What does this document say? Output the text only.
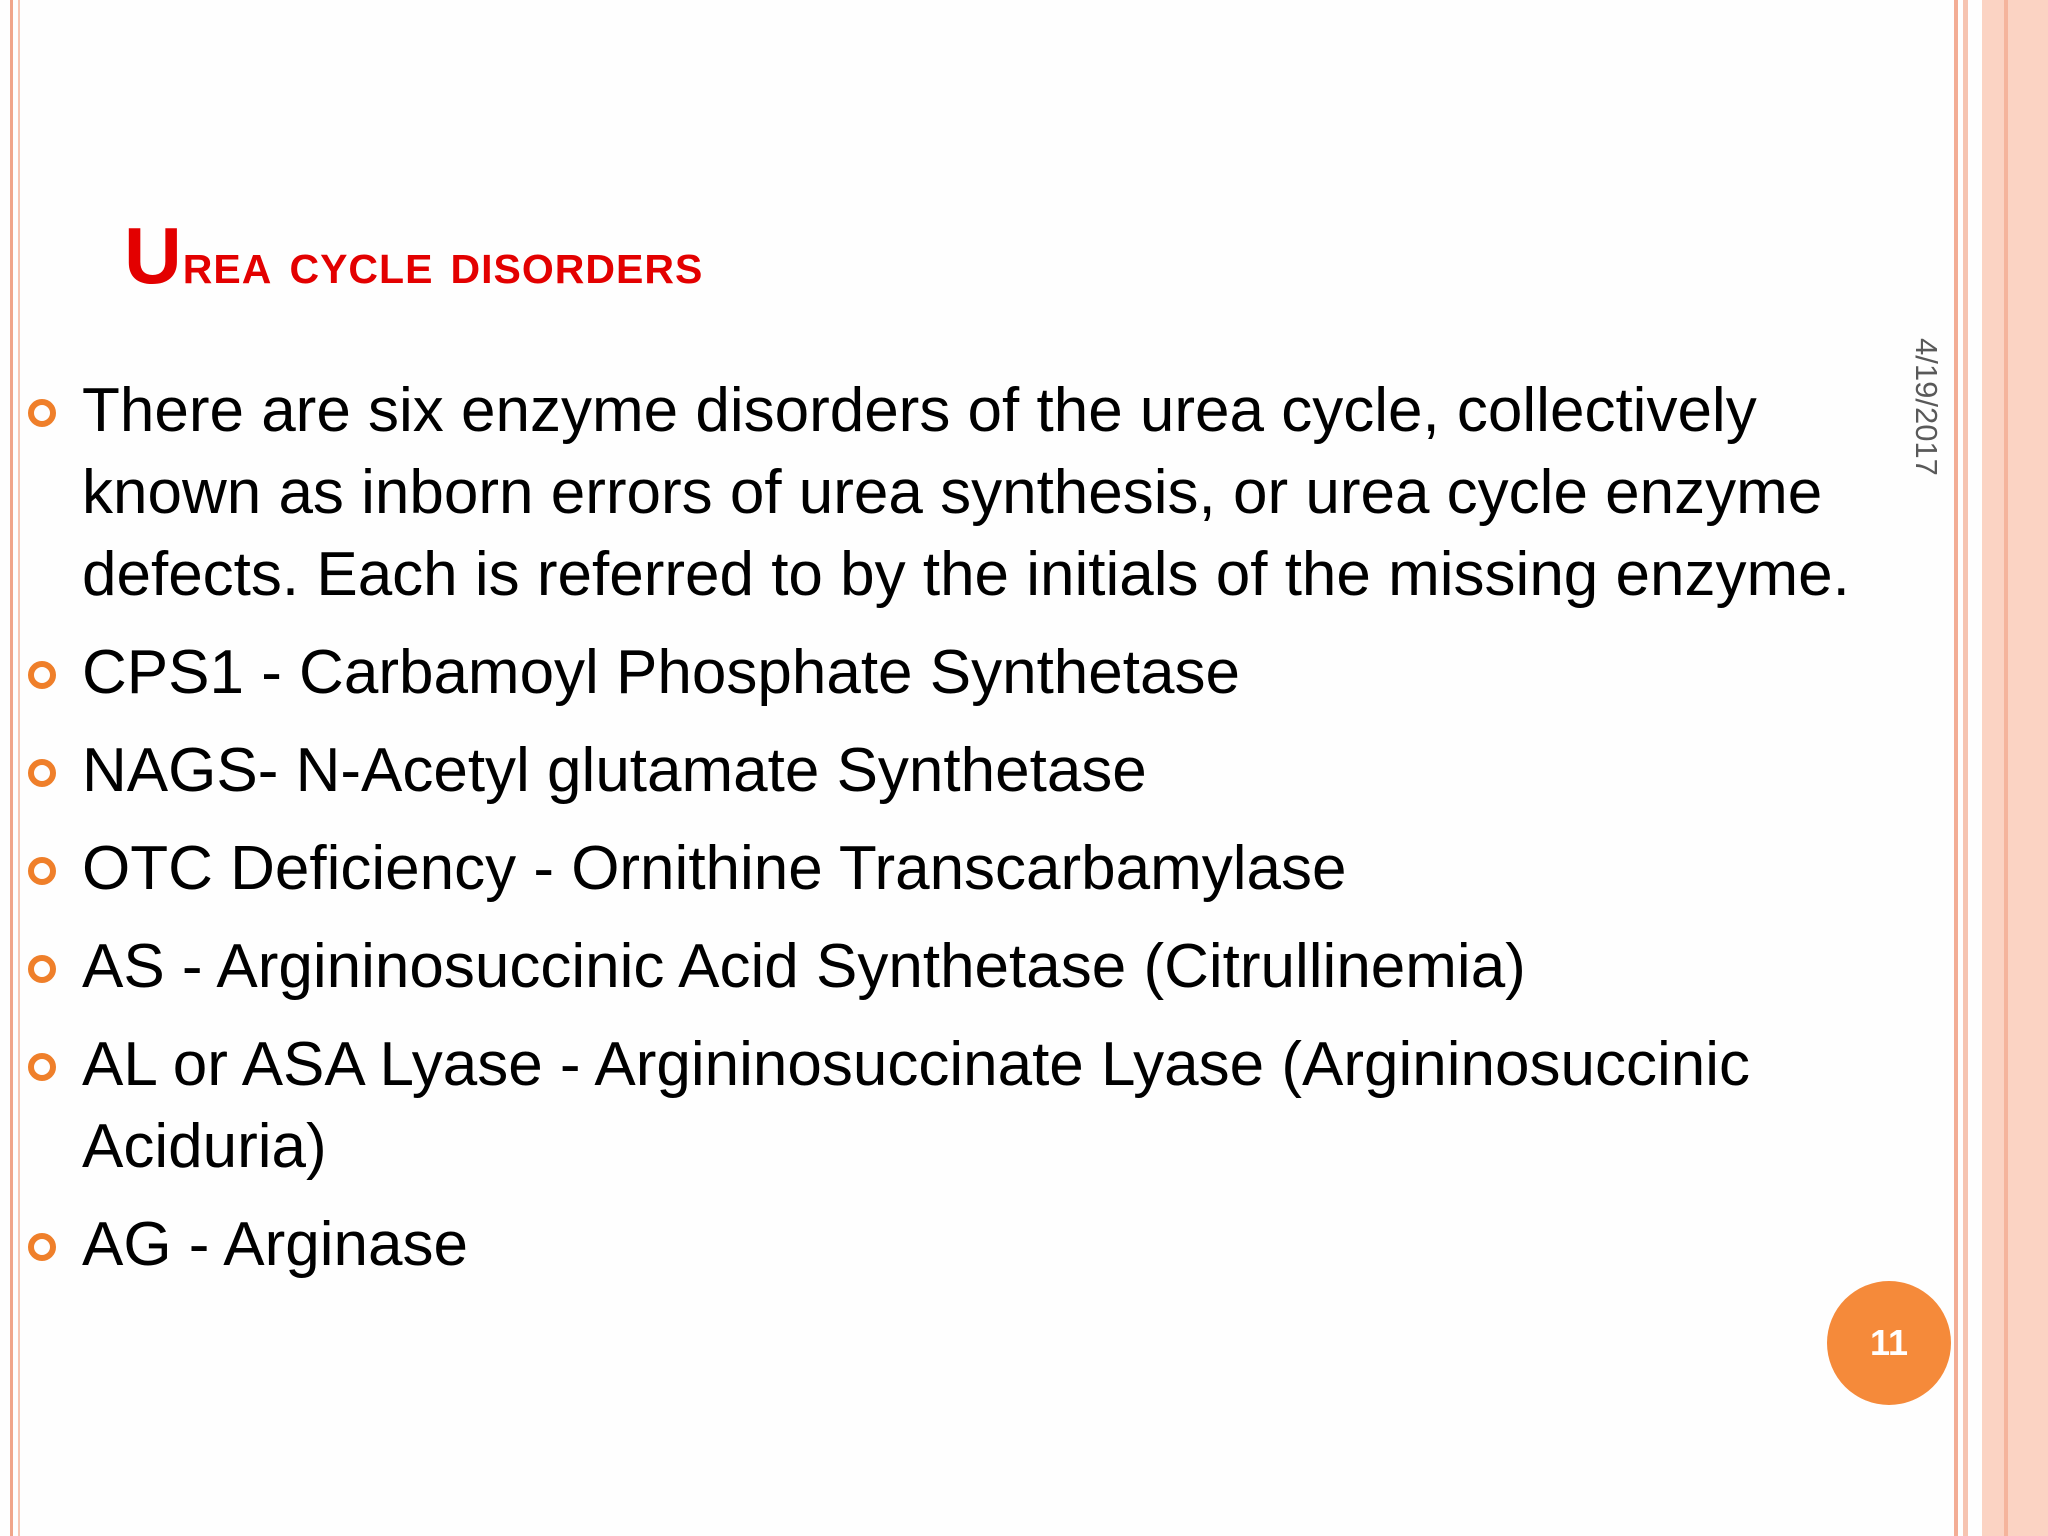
Urea cycle disorders
4/19/2017
There are six enzyme disorders of the urea cycle, collectively known as inborn errors of urea synthesis, or urea cycle enzyme defects. Each is referred to by the initials of the missing enzyme.
CPS1 - Carbamoyl Phosphate Synthetase
NAGS- N-Acetyl glutamate Synthetase
OTC Deficiency - Ornithine Transcarbamylase
AS - Argininosuccinic Acid Synthetase (Citrullinemia)
AL or ASA Lyase - Argininosuccinate Lyase (Argininosuccinic Aciduria)
AG - Arginase
11
